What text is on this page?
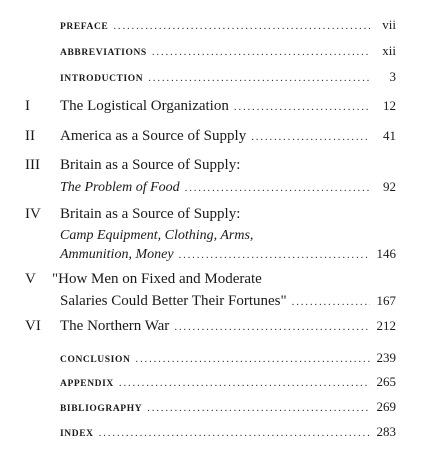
PREFACE .....	vii
ABBREVIATIONS .....	xii
INTRODUCTION .....	3
I The Logistical Organization .....	12
II America as a Source of Supply .....	41
III Britain as a Source of Supply:
The Problem of Food .....	92
IV Britain as a Source of Supply:
Camp Equipment, Clothing, Arms,
Ammunition, Money .....	146
V "How Men on Fixed and Moderate
Salaries Could Better Their Fortunes" .....	167
VI The Northern War .....	212
CONCLUSION .....	239
APPENDIX .....	265
BIBLIOGRAPHY .....	269
INDEX .....	283
